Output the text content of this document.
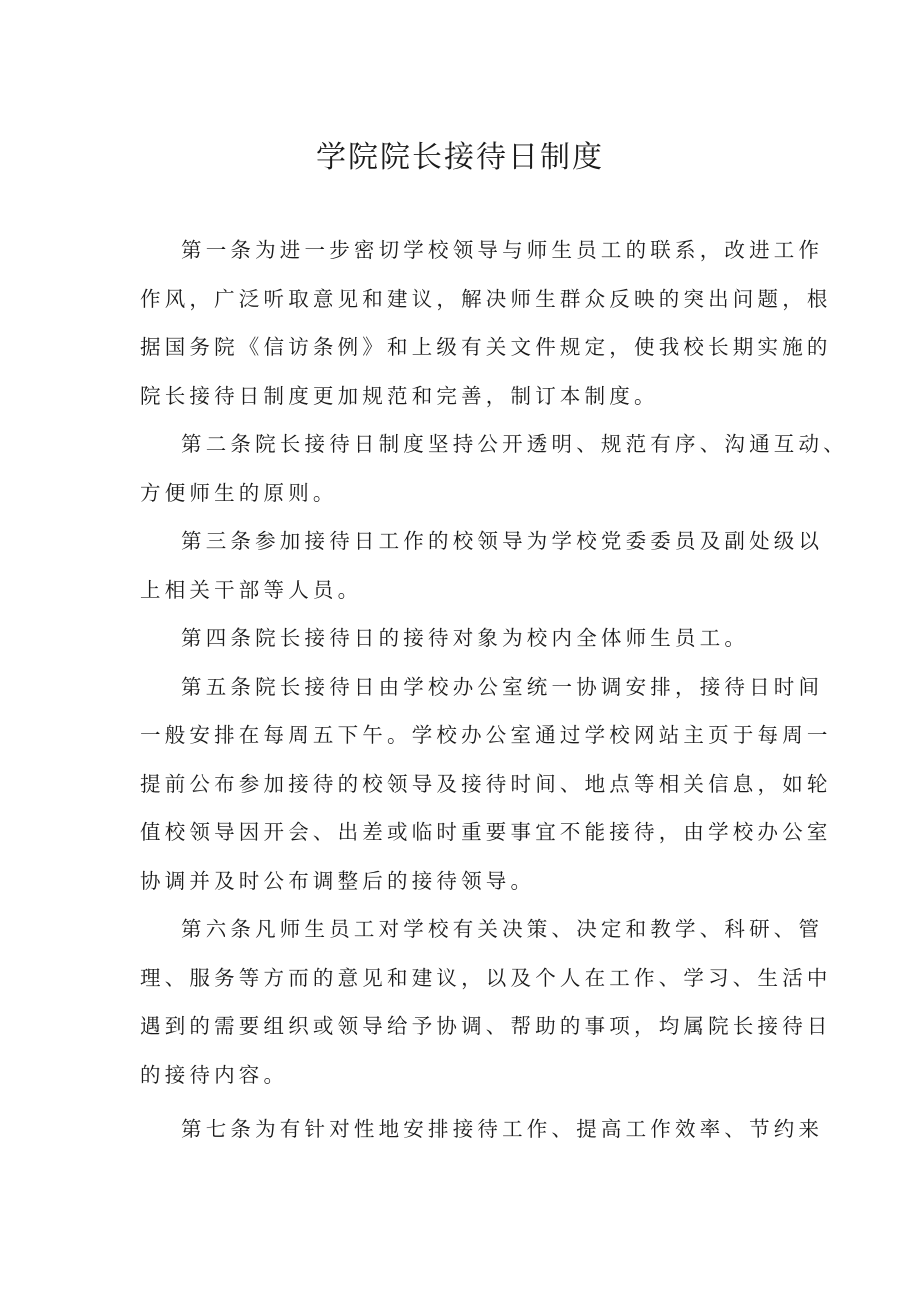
学院院长接待日制度

第一条为进一步密切学校领导与师生员工的联系，改进工作
作风，广泛听取意见和建议，解决师生群众反映的突出问题，根
据国务院《信访条例》和上级有关文件规定，使我校长期实施的
院长接待日制度更加规范和完善，制订本制度。

第二条院长接待日制度坚持公开透明、规范有序、沟通互动、
方便师生的原则。

第三条参加接待日工作的校领导为学校党委委员及副处级以
上相关干部等人员。

第四条院长接待日的接待对象为校内全体师生员工。

第五条院长接待日由学校办公室统一协调安排，接待日时间
一般安排在每周五下午。学校办公室通过学校网站主页于每周一
提前公布参加接待的校领导及接待时间、地点等相关信息，如轮
值校领导因开会、出差或临时重要事宜不能接待，由学校办公室
协调并及时公布调整后的接待领导。

第六条凡师生员工对学校有关决策、决定和教学、科研、管
理、服务等方而的意见和建议，以及个人在工作、学习、生活中
遇到的需要组织或领导给予协调、帮助的事项，均属院长接待日
的接待内容。

第七条为有针对性地安排接待工作、提高工作效率、节约来
